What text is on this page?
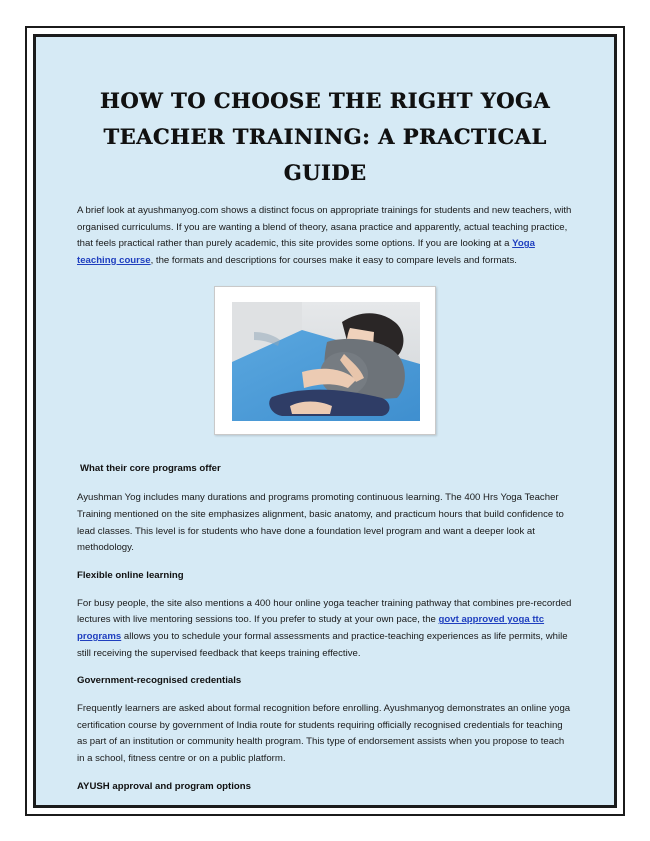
HOW TO CHOOSE THE RIGHT YOGA TEACHER TRAINING: A PRACTICAL GUIDE

A brief look at ayushmanyog.com shows a distinct focus on appropriate trainings for students and new teachers, with organised curriculums. If you are wanting a blend of theory, asana practice and apparently, actual teaching practice, that feels practical rather than purely academic, this site provides some options. If you are looking at a Yoga teaching course, the formats and descriptions for courses make it easy to compare levels and formats.

What their core programs offer

Ayushman Yog includes many durations and programs promoting continuous learning. The 400 Hrs Yoga Teacher Training mentioned on the site emphasizes alignment, basic anatomy, and practicum hours that build confidence to lead classes. This level is for students who have done a foundation level program and want a deeper look at methodology.

Flexible online learning

For busy people, the site also mentions a 400 hour online yoga teacher training pathway that combines pre-recorded lectures with live mentoring sessions too. If you prefer to study at your own pace, the govt approved yoga ttc programs allows you to schedule your formal assessments and practice-teaching experiences as life permits, while still receiving the supervised feedback that keeps training effective.

Government-recognised credentials

Frequently learners are asked about formal recognition before enrolling. Ayushmanyog demonstrates an online yoga certification course by government of India route for students requiring officially recognised credentials for teaching as part of an institution or community health program. This type of endorsement assists when you propose to teach in a school, fitness centre or on a public platform.

AYUSH approval and program options
